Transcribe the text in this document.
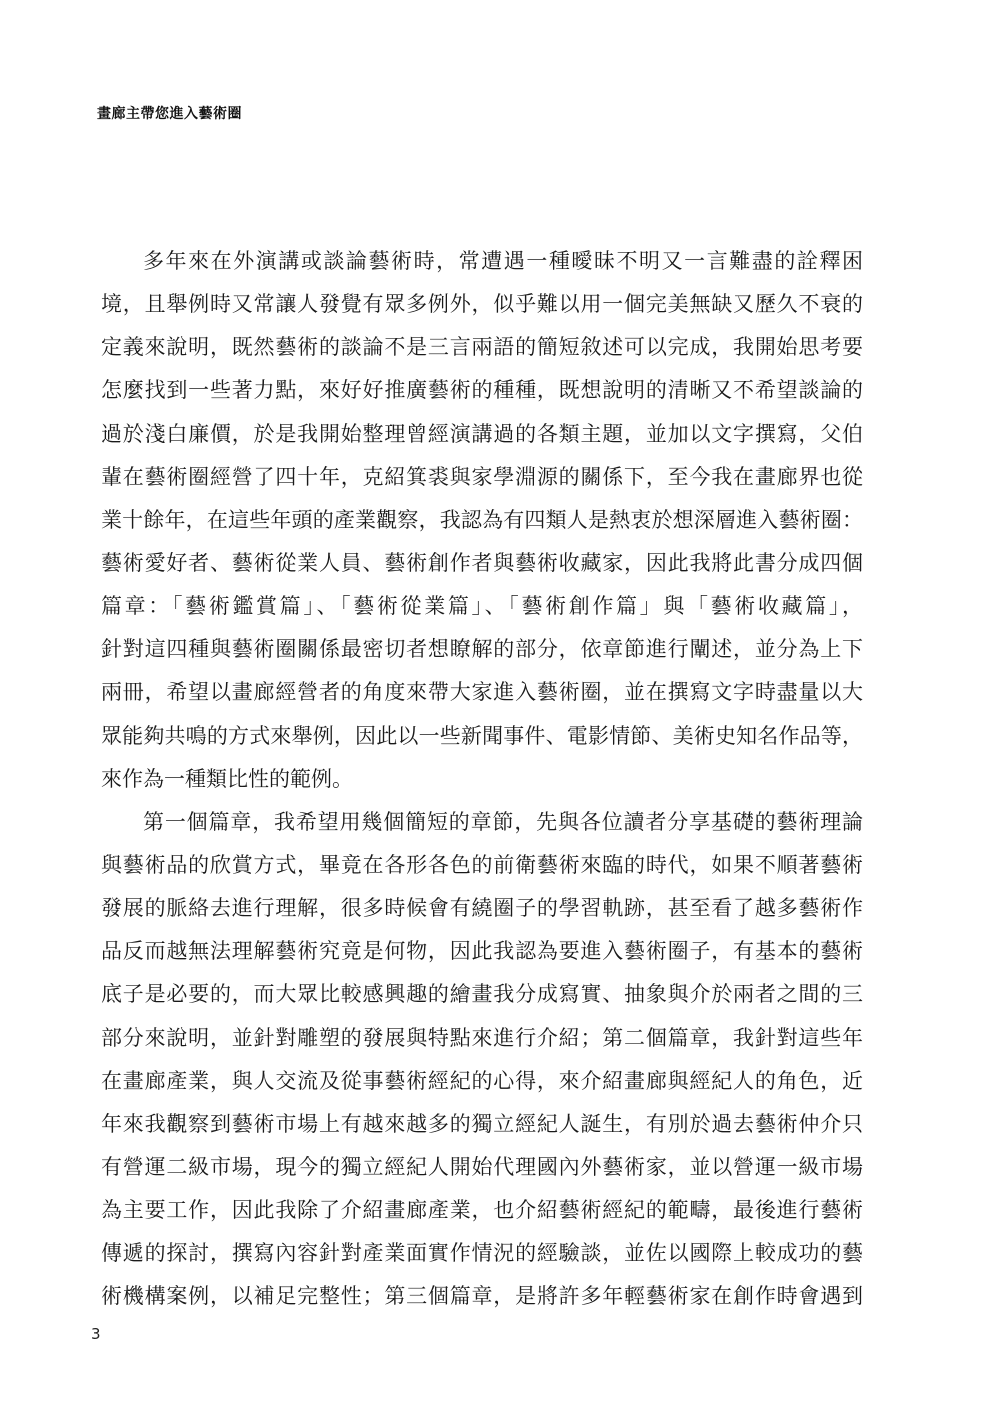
畫廊主帶您進入藝術圈
多年來在外演講或談論藝術時，常遭遇一種曖昧不明又一言難盡的詮釋困
境，且舉例時又常讓人發覺有眾多例外，似乎難以用一個完美無缺又歷久不衰的
定義來說明，既然藝術的談論不是三言兩語的簡短敘述可以完成，我開始思考要
怎麼找到一些著力點，來好好推廣藝術的種種，既想說明的清晰又不希望談論的
過於淺白廉價，於是我開始整理曾經演講過的各類主題，並加以文字撰寫，父伯
輩在藝術圈經營了四十年，克紹箕裘與家學淵源的關係下，至今我在畫廊界也從
業十餘年，在這些年頭的產業觀察，我認為有四類人是熱衷於想深層進入藝術圈：
藝術愛好者、藝術從業人員、藝術創作者與藝術收藏家，因此我將此書分成四個
篇章：「藝術鑑賞篇」、「藝術從業篇」、「藝術創作篇」與「藝術收藏篇」，
針對這四種與藝術圈關係最密切者想瞭解的部分，依章節進行闡述，並分為上下
兩冊，希望以畫廊經營者的角度來帶大家進入藝術圈，並在撰寫文字時盡量以大
眾能夠共鳴的方式來舉例，因此以一些新聞事件、電影情節、美術史知名作品等，
來作為一種類比性的範例。
第一個篇章，我希望用幾個簡短的章節，先與各位讀者分享基礎的藝術理論
與藝術品的欣賞方式，畢竟在各形各色的前衛藝術來臨的時代，如果不順著藝術
發展的脈絡去進行理解，很多時候會有繞圈子的學習軌跡，甚至看了越多藝術作
品反而越無法理解藝術究竟是何物，因此我認為要進入藝術圈子，有基本的藝術
底子是必要的，而大眾比較感興趣的繪畫我分成寫實、抽象與介於兩者之間的三
部分來說明，並針對雕塑的發展與特點來進行介紹；第二個篇章，我針對這些年
在畫廊產業，與人交流及從事藝術經紀的心得，來介紹畫廊與經紀人的角色，近
年來我觀察到藝術市場上有越來越多的獨立經紀人誕生，有別於過去藝術仲介只
有營運二級市場，現今的獨立經紀人開始代理國內外藝術家，並以營運一級市場
為主要工作，因此我除了介紹畫廊產業，也介紹藝術經紀的範疇，最後進行藝術
傳遞的探討，撰寫內容針對產業面實作情況的經驗談，並佐以國際上較成功的藝
術機構案例，以補足完整性；第三個篇章，是將許多年輕藝術家在創作時會遇到
3
